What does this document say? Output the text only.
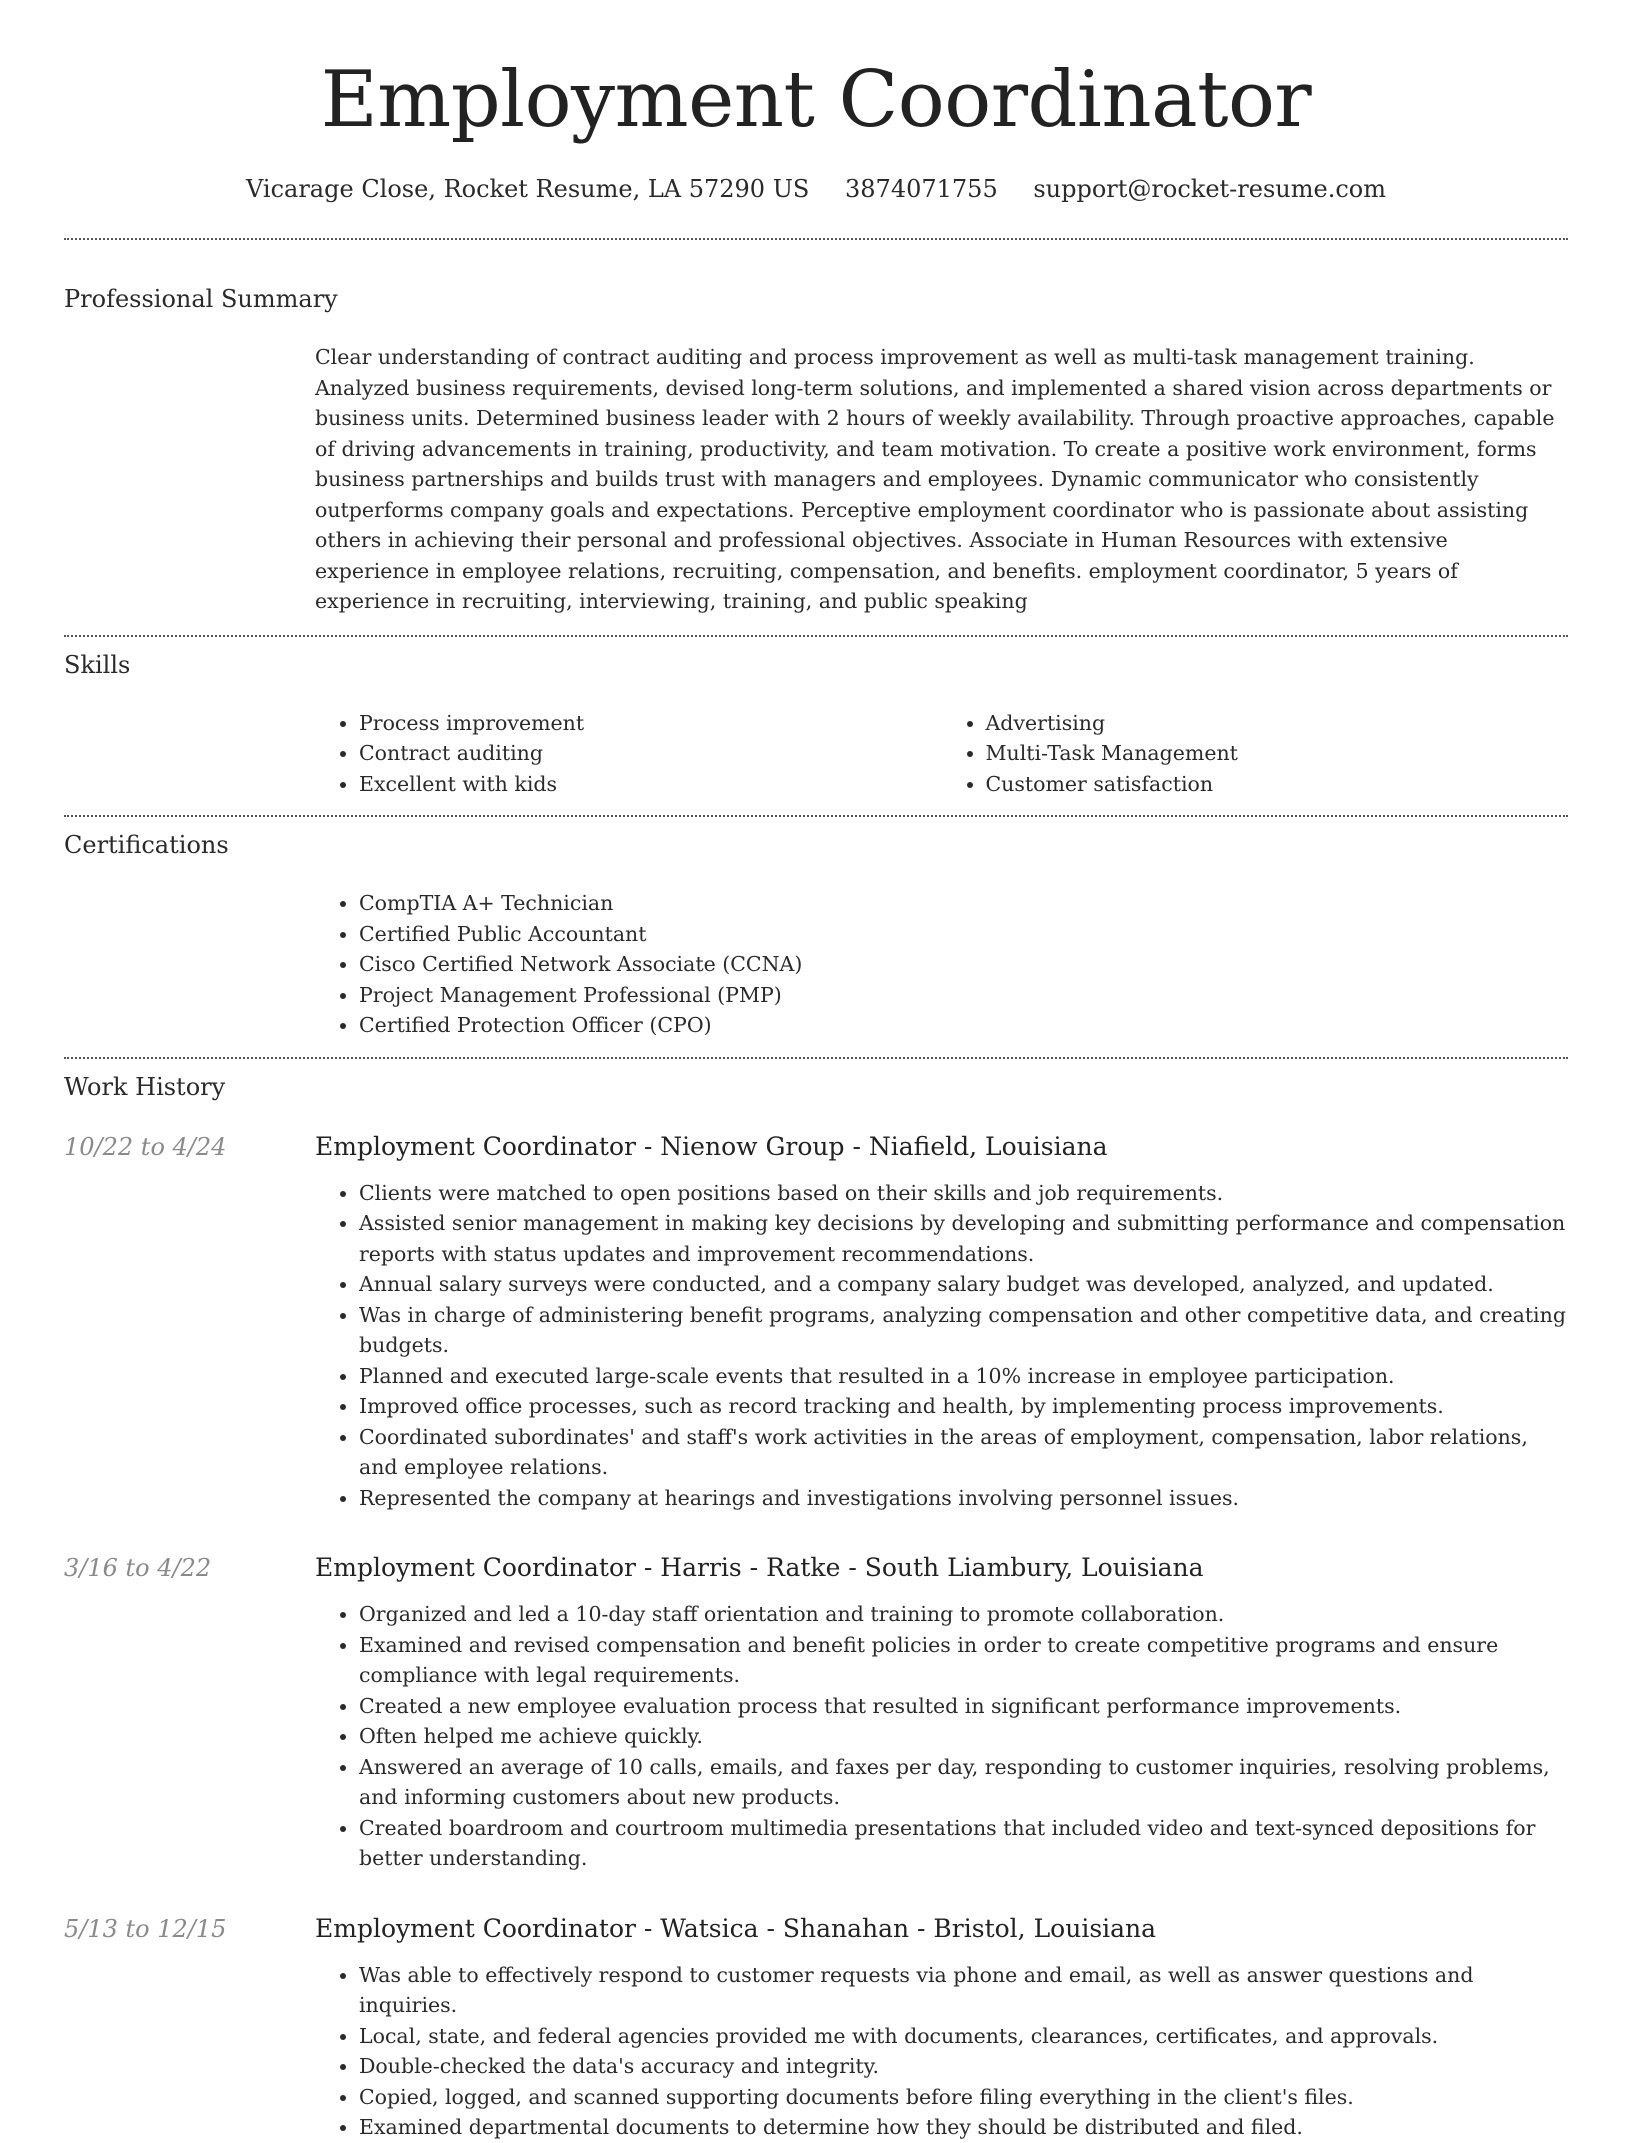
Employment Coordinator
Vicarage Close, Rocket Resume, LA 57290 US 3874071755 support@rocket-resume.com
Professional Summary

Clear understanding of contract auditing and process improvement as well as multi-task management training. Analyzed business requirements, devised long-term solutions, and implemented a shared vision across departments or business units. Determined business leader with 2 hours of weekly availability. Through proactive approaches, capable of driving advancements in training, productivity, and team motivation. To create a positive work environment, forms business partnerships and builds trust with managers and employees. Dynamic communicator who consistently outperforms company goals and expectations. Perceptive employment coordinator who is passionate about assisting others in achieving their personal and professional objectives. Associate in Human Resources with extensive experience in employee relations, recruiting, compensation, and benefits. employment coordinator, 5 years of experience in recruiting, interviewing, training, and public speaking

Skills
• Process improvement
• Contract auditing
• Excellent with kids
• Advertising
• Multi-Task Management
• Customer satisfaction
Certifications
• CompTIA A+ Technician
• Certified Public Accountant
• Cisco Certified Network Associate (CCNA)
• Project Management Professional (PMP)
• Certified Protection Officer (CPO)
Work History
10/22 to 4/24	Employment Coordinator - Nienow Group - Niafield, Louisiana
• Clients were matched to open positions based on their skills and job requirements.
• Assisted senior management in making key decisions by developing and submitting performance and compensation reports with status updates and improvement recommendations.
• Annual salary surveys were conducted, and a company salary budget was developed, analyzed, and updated.
• Was in charge of administering benefit programs, analyzing compensation and other competitive data, and creating budgets.
• Planned and executed large-scale events that resulted in a 10% increase in employee participation.
• Improved office processes, such as record tracking and health, by implementing process improvements.
• Coordinated subordinates' and staff's work activities in the areas of employment, compensation, labor relations, and employee relations.
• Represented the company at hearings and investigations involving personnel issues.
3/16 to 4/22	Employment Coordinator - Harris - Ratke - South Liambury, Louisiana
• Organized and led a 10-day staff orientation and training to promote collaboration.
• Examined and revised compensation and benefit policies in order to create competitive programs and ensure compliance with legal requirements.
• Created a new employee evaluation process that resulted in significant performance improvements.
• Often helped me achieve quickly.
• Answered an average of 10 calls, emails, and faxes per day, responding to customer inquiries, resolving problems, and informing customers about new products.
• Created boardroom and courtroom multimedia presentations that included video and text-synced depositions for better understanding.
5/13 to 12/15	Employment Coordinator - Watsica - Shanahan - Bristol, Louisiana
• Was able to effectively respond to customer requests via phone and email, as well as answer questions and inquiries.
• Local, state, and federal agencies provided me with documents, clearances, certificates, and approvals.
• Double-checked the data's accuracy and integrity.
• Copied, logged, and scanned supporting documents before filing everything in the client's files.
• Examined departmental documents to determine how they should be distributed and filed.
